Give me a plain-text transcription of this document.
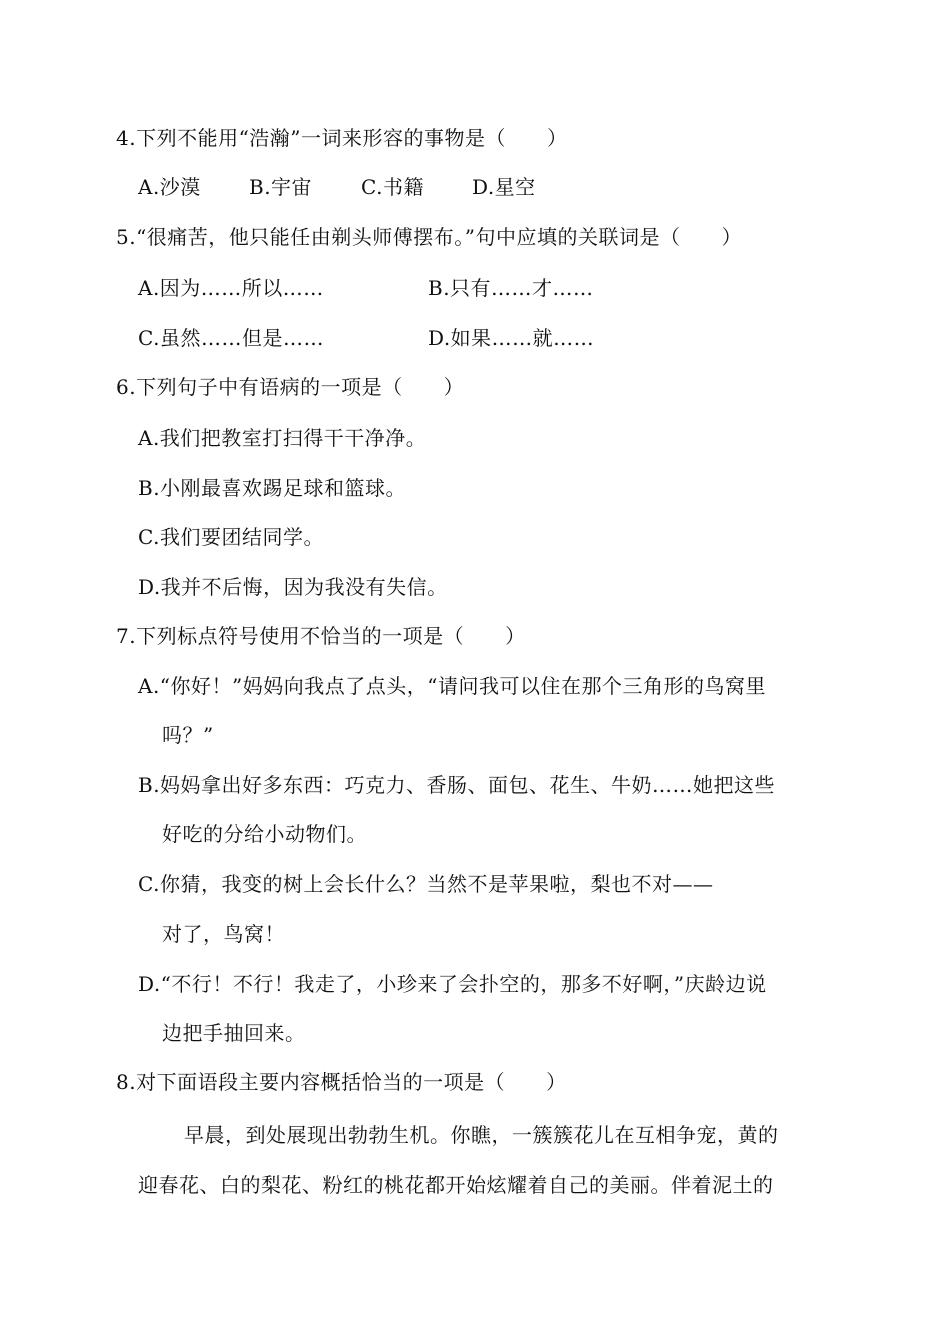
4.下列不能用“浩瀚”一词来形容的事物是（　　）
A.沙漠 B.宇宙 C.书籍 D.星空
5.“很痛苦，他只能任由剃头师傅摆布。”句中应填的关联词是（　　）
A.因为……所以……	B.只有……才……
C.虽然……但是……	D.如果……就……
6.下列句子中有语病的一项是（　　）
A.我们把教室打扫得干干净净。
B.小刚最喜欢踢足球和篮球。
C.我们要团结同学。
D.我并不后悔，因为我没有失信。
7.下列标点符号使用不恰当的一项是（　　）
A.“你好！”妈妈向我点了点头，“请问我可以住在那个三角形的鸟窝里
吗？”
B.妈妈拿出好多东西：巧克力、香肠、面包、花生、牛奶……她把这些
好吃的分给小动物们。
C.你猜，我变的树上会长什么？当然不是苹果啦，梨也不对——
对了，鸟窝！
D.“不行！不行！我走了，小珍来了会扑空的，那多不好啊，”庆龄边说
边把手抽回来。
8.对下面语段主要内容概括恰当的一项是（　　）
早晨，到处展现出勃勃生机。你瞧，一簇簇花儿在互相争宠，黄的
迎春花、白的梨花、粉红的桃花都开始炫耀着自己的美丽。伴着泥土的
